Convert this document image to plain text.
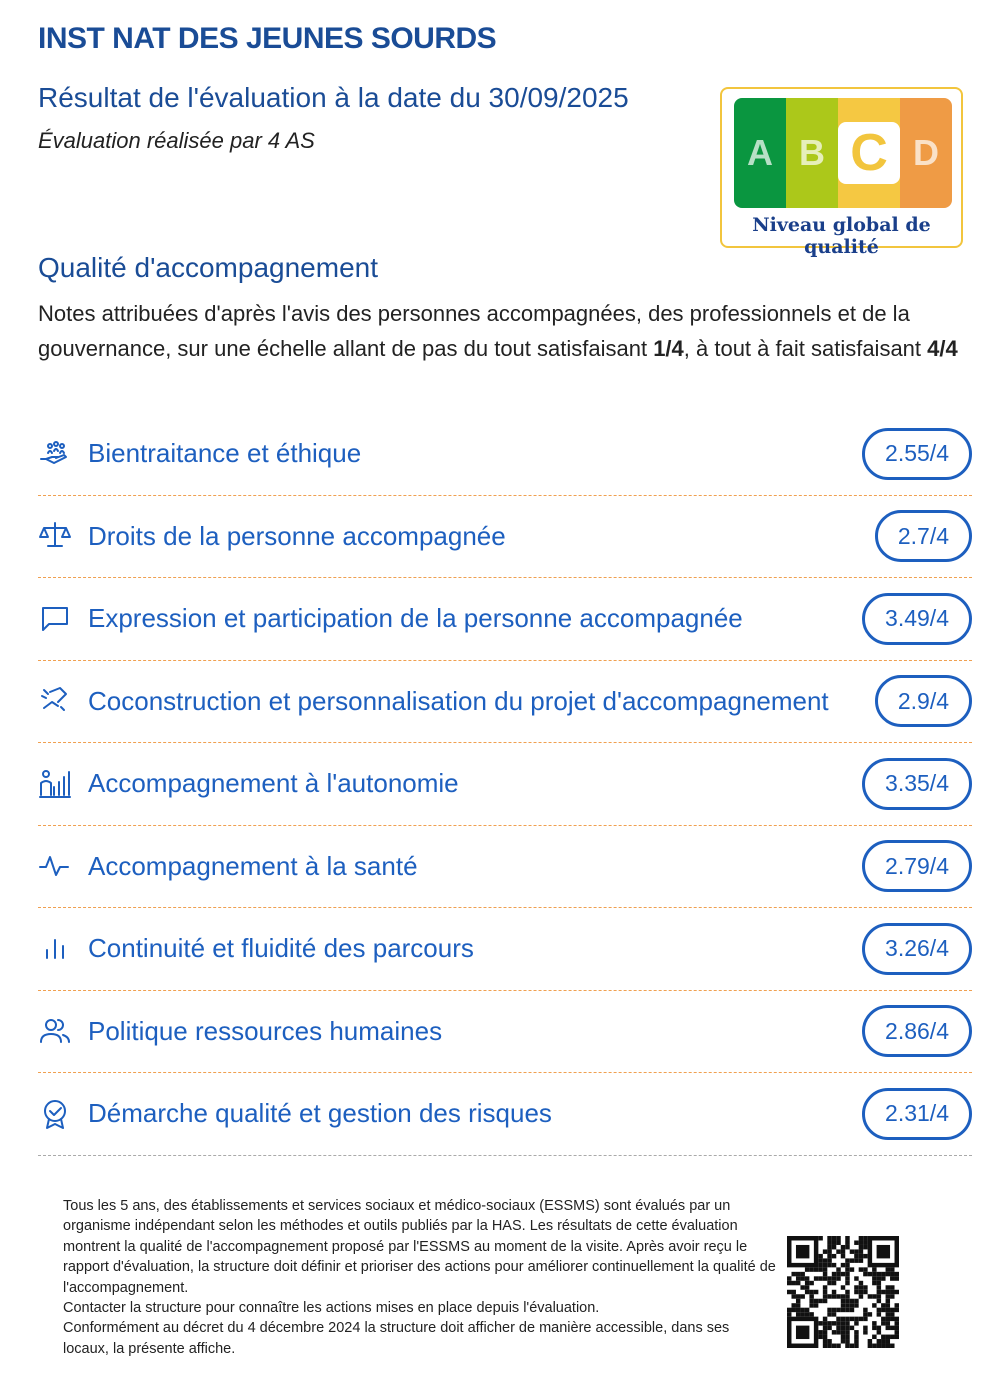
INST NAT DES JEUNES SOURDS
Résultat de l'évaluation à la date du 30/09/2025
Évaluation réalisée par 4 AS	A B C D
Niveau global de qualité
Qualité d'accompagnement
Notes attribuées d'après l'avis des personnes accompagnées, des professionnels et de la gouvernance, sur une échelle allant de pas du tout satisfaisant 1/4, à tout à fait satisfaisant 4/4
Bientraitance et éthique	2.55/4
Droits de la personne accompagnée	2.7/4
Expression et participation de la personne accompagnée	3.49/4
Coconstruction et personnalisation du projet d'accompagnement	2.9/4
Accompagnement à l'autonomie	3.35/4
Accompagnement à la santé	2.79/4
Continuité et fluidité des parcours	3.26/4
Politique ressources humaines	2.86/4
Démarche qualité et gestion des risques	2.31/4
Tous les 5 ans, des établissements et services sociaux et médico-sociaux (ESSMS) sont évalués par un organisme indépendant selon les méthodes et outils publiés par la HAS. Les résultats de cette évaluation montrent la qualité de l'accompagnement proposé par l'ESSMS au moment de la visite. Après avoir reçu le rapport d'évaluation, la structure doit définir et prioriser des actions pour améliorer continuellement la qualité de l'accompagnement.
Contacter la structure pour connaître les actions mises en place depuis l'évaluation.
Conformément au décret du 4 décembre 2024 la structure doit afficher de manière accessible, dans ses locaux, la présente affiche.
